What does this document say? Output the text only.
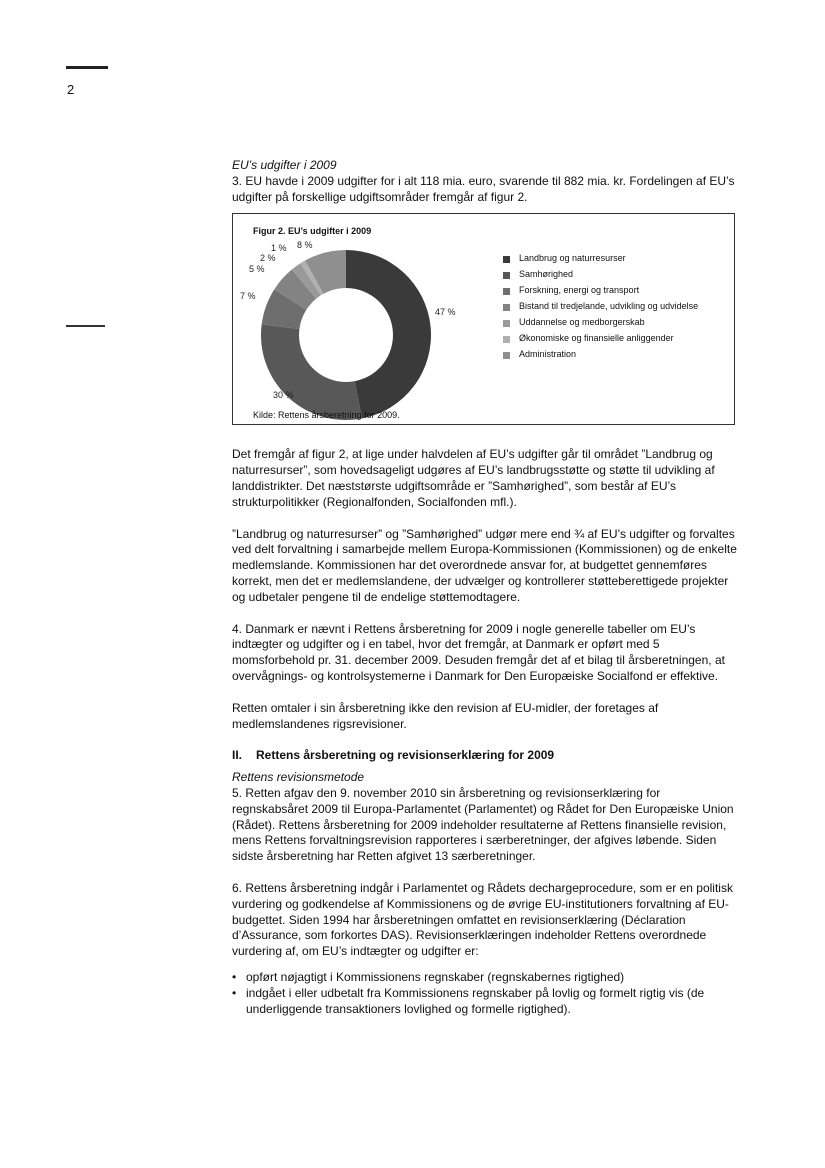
2

EU’s udgifter i 2009

3. EU havde i 2009 udgifter for i alt 118 mia. euro, svarende til 882 mia. kr. Fordelingen af EU’s udgifter på forskellige udgiftsområder fremgår af figur 2.

Figur 2. EU’s udgifter i 2009
47 %
30 %
7 %
5 %
2 %
1 % 8 %
Landbrug og naturresurser
Samhørighed
Forskning, energi og transport
Bistand til tredjelande, udvikling og udvidelse
Uddannelse og medborgerskab
Økonomiske og finansielle anliggender
Administration
Kilde: Rettens årsberetning for 2009.

Det fremgår af figur 2, at lige under halvdelen af EU’s udgifter går til området ”Landbrug og naturresurser”, som hovedsageligt udgøres af EU’s landbrugsstøtte og støtte til udvikling af landdistrikter. Det næststørste udgiftsområde er ”Samhørighed”, som består af EU’s strukturpolitikker (Regionalfonden, Socialfonden mfl.).

”Landbrug og naturresurser” og ”Samhørighed” udgør mere end ¾ af EU’s udgifter og forvaltes ved delt forvaltning i samarbejde mellem Europa-Kommissionen (Kommissionen) og de enkelte medlemslande. Kommissionen har det overordnede ansvar for, at budgettet gennemføres korrekt, men det er medlemslandene, der udvælger og kontrollerer støtteberettigede projekter og udbetaler pengene til de endelige støttemodtagere.

4. Danmark er nævnt i Rettens årsberetning for 2009 i nogle generelle tabeller om EU’s indtægter og udgifter og i en tabel, hvor det fremgår, at Danmark er opført med 5 momsforbehold pr. 31. december 2009. Desuden fremgår det af et bilag til årsberetningen, at overvågnings- og kontrolsystemerne i Danmark for Den Europæiske Socialfond er effektive.

Retten omtaler i sin årsberetning ikke den revision af EU-midler, der foretages af medlemslandenes rigsrevisioner.

II.	Rettens årsberetning og revisionserklæring for 2009

Rettens revisionsmetode

5. Retten afgav den 9. november 2010 sin årsberetning og revisionserklæring for regnskabsåret 2009 til Europa-Parlamentet (Parlamentet) og Rådet for Den Europæiske Union (Rådet). Rettens årsberetning for 2009 indeholder resultaterne af Rettens finansielle revision, mens Rettens forvaltningsrevision rapporteres i særberetninger, der afgives løbende. Siden sidste årsberetning har Retten afgivet 13 særberetninger.

6. Rettens årsberetning indgår i Parlamentet og Rådets dechargeprocedure, som er en politisk vurdering og godkendelse af Kommissionens og de øvrige EU-institutioners forvaltning af EU-budgettet. Siden 1994 har årsberetningen omfattet en revisionserklæring (Déclaration d’Assurance, som forkortes DAS). Revisionserklæringen indeholder Rettens overordnede vurdering af, om EU’s indtægter og udgifter er:

• opført nøjagtigt i Kommissionens regnskaber (regnskabernes rigtighed)
• indgået i eller udbetalt fra Kommissionens regnskaber på lovlig og formelt rigtig vis (de underliggende transaktioners lovlighed og formelle rigtighed).
